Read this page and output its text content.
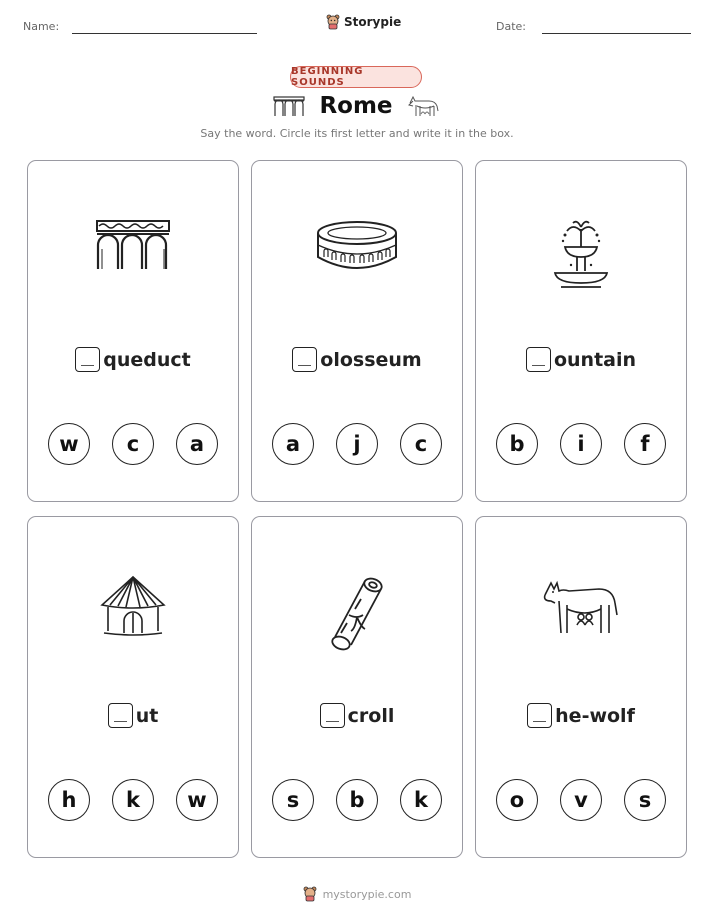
Name:	Storypie	Date:
BEGINNING SOUNDS
Rome
Say the word. Circle its first letter and write it in the box.
queduct
w	c	a
olosseum
a	j	c
ountain
b	i	f
ut
h	k	w
croll
s	b	k
he-wolf
o	v	s
mystorypie.com
